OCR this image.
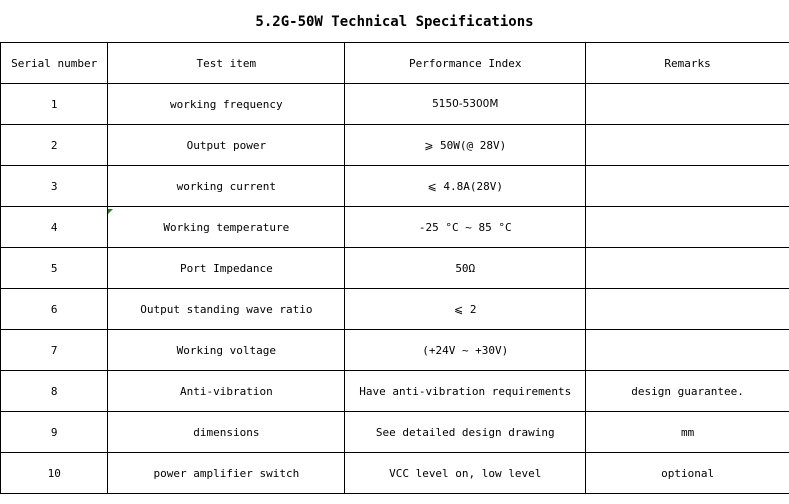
5.2G-50W Technical Specifications
Serial number	Test item	Performance Index	Remarks
1	working frequency	5150-5300M	
2	Output power	⩾ 50W(@ 28V)	
3	working current	⩽ 4.8A(28V)	
4	Working temperature	-25 °C ~ 85 °C	
5	Port Impedance	50Ω	
6	Output standing wave ratio	⩽ 2	
7	Working voltage	(+24V ~ +30V)	
8	Anti-vibration	Have anti-vibration requirements	design guarantee.
9	dimensions	See detailed design drawing	mm
10	power amplifier switch	VCC level on, low level	optional
